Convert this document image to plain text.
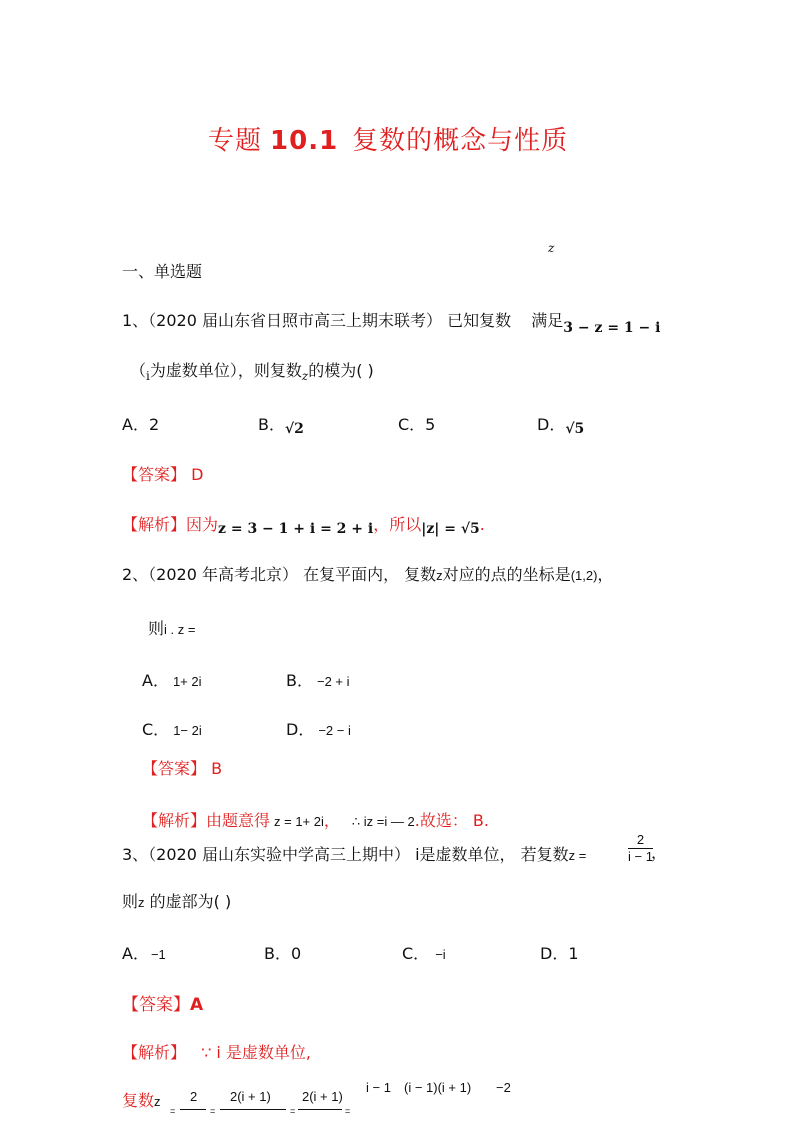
专题 10.1 复数的概念与性质
一、单选题
z
1、（2020 届山东省日照市高三上期末联考） 已知复数 满足3 − z = 1 − i
（$_i$为虚数单位），则复数$_z$的模为( )
A．2	B．√2	C．5	D．√5
【答案】 D
【解析】因为z = 3 − 1 + i = 2 + i，所以|z| = √5.
2、（2020 年高考北京） 在复平面内， 复数z对应的点的坐标是(1,2)，
则i . z =
A． 1+ 2i	B． −2 + i
C． 1− 2i	D． −2 − i
【答案】 B
【解析】由题意得 z = 1+ 2i， ∴ iz =i — 2.故选： B.
3、（2020 届山东实验中学高三上期中） i是虚数单位， 若复数z =	$\frac{2}{i - 1}$
，
则z 的虚部为( )
A． −1	B．0	C． −i	D．1
【答案】A
【解析】 ∵ i 是虚数单位,
复数z 2	2(i + 1) 2(i + 1)
i − 1 (i − 1)(i + 1) −2
=	=	=	=
